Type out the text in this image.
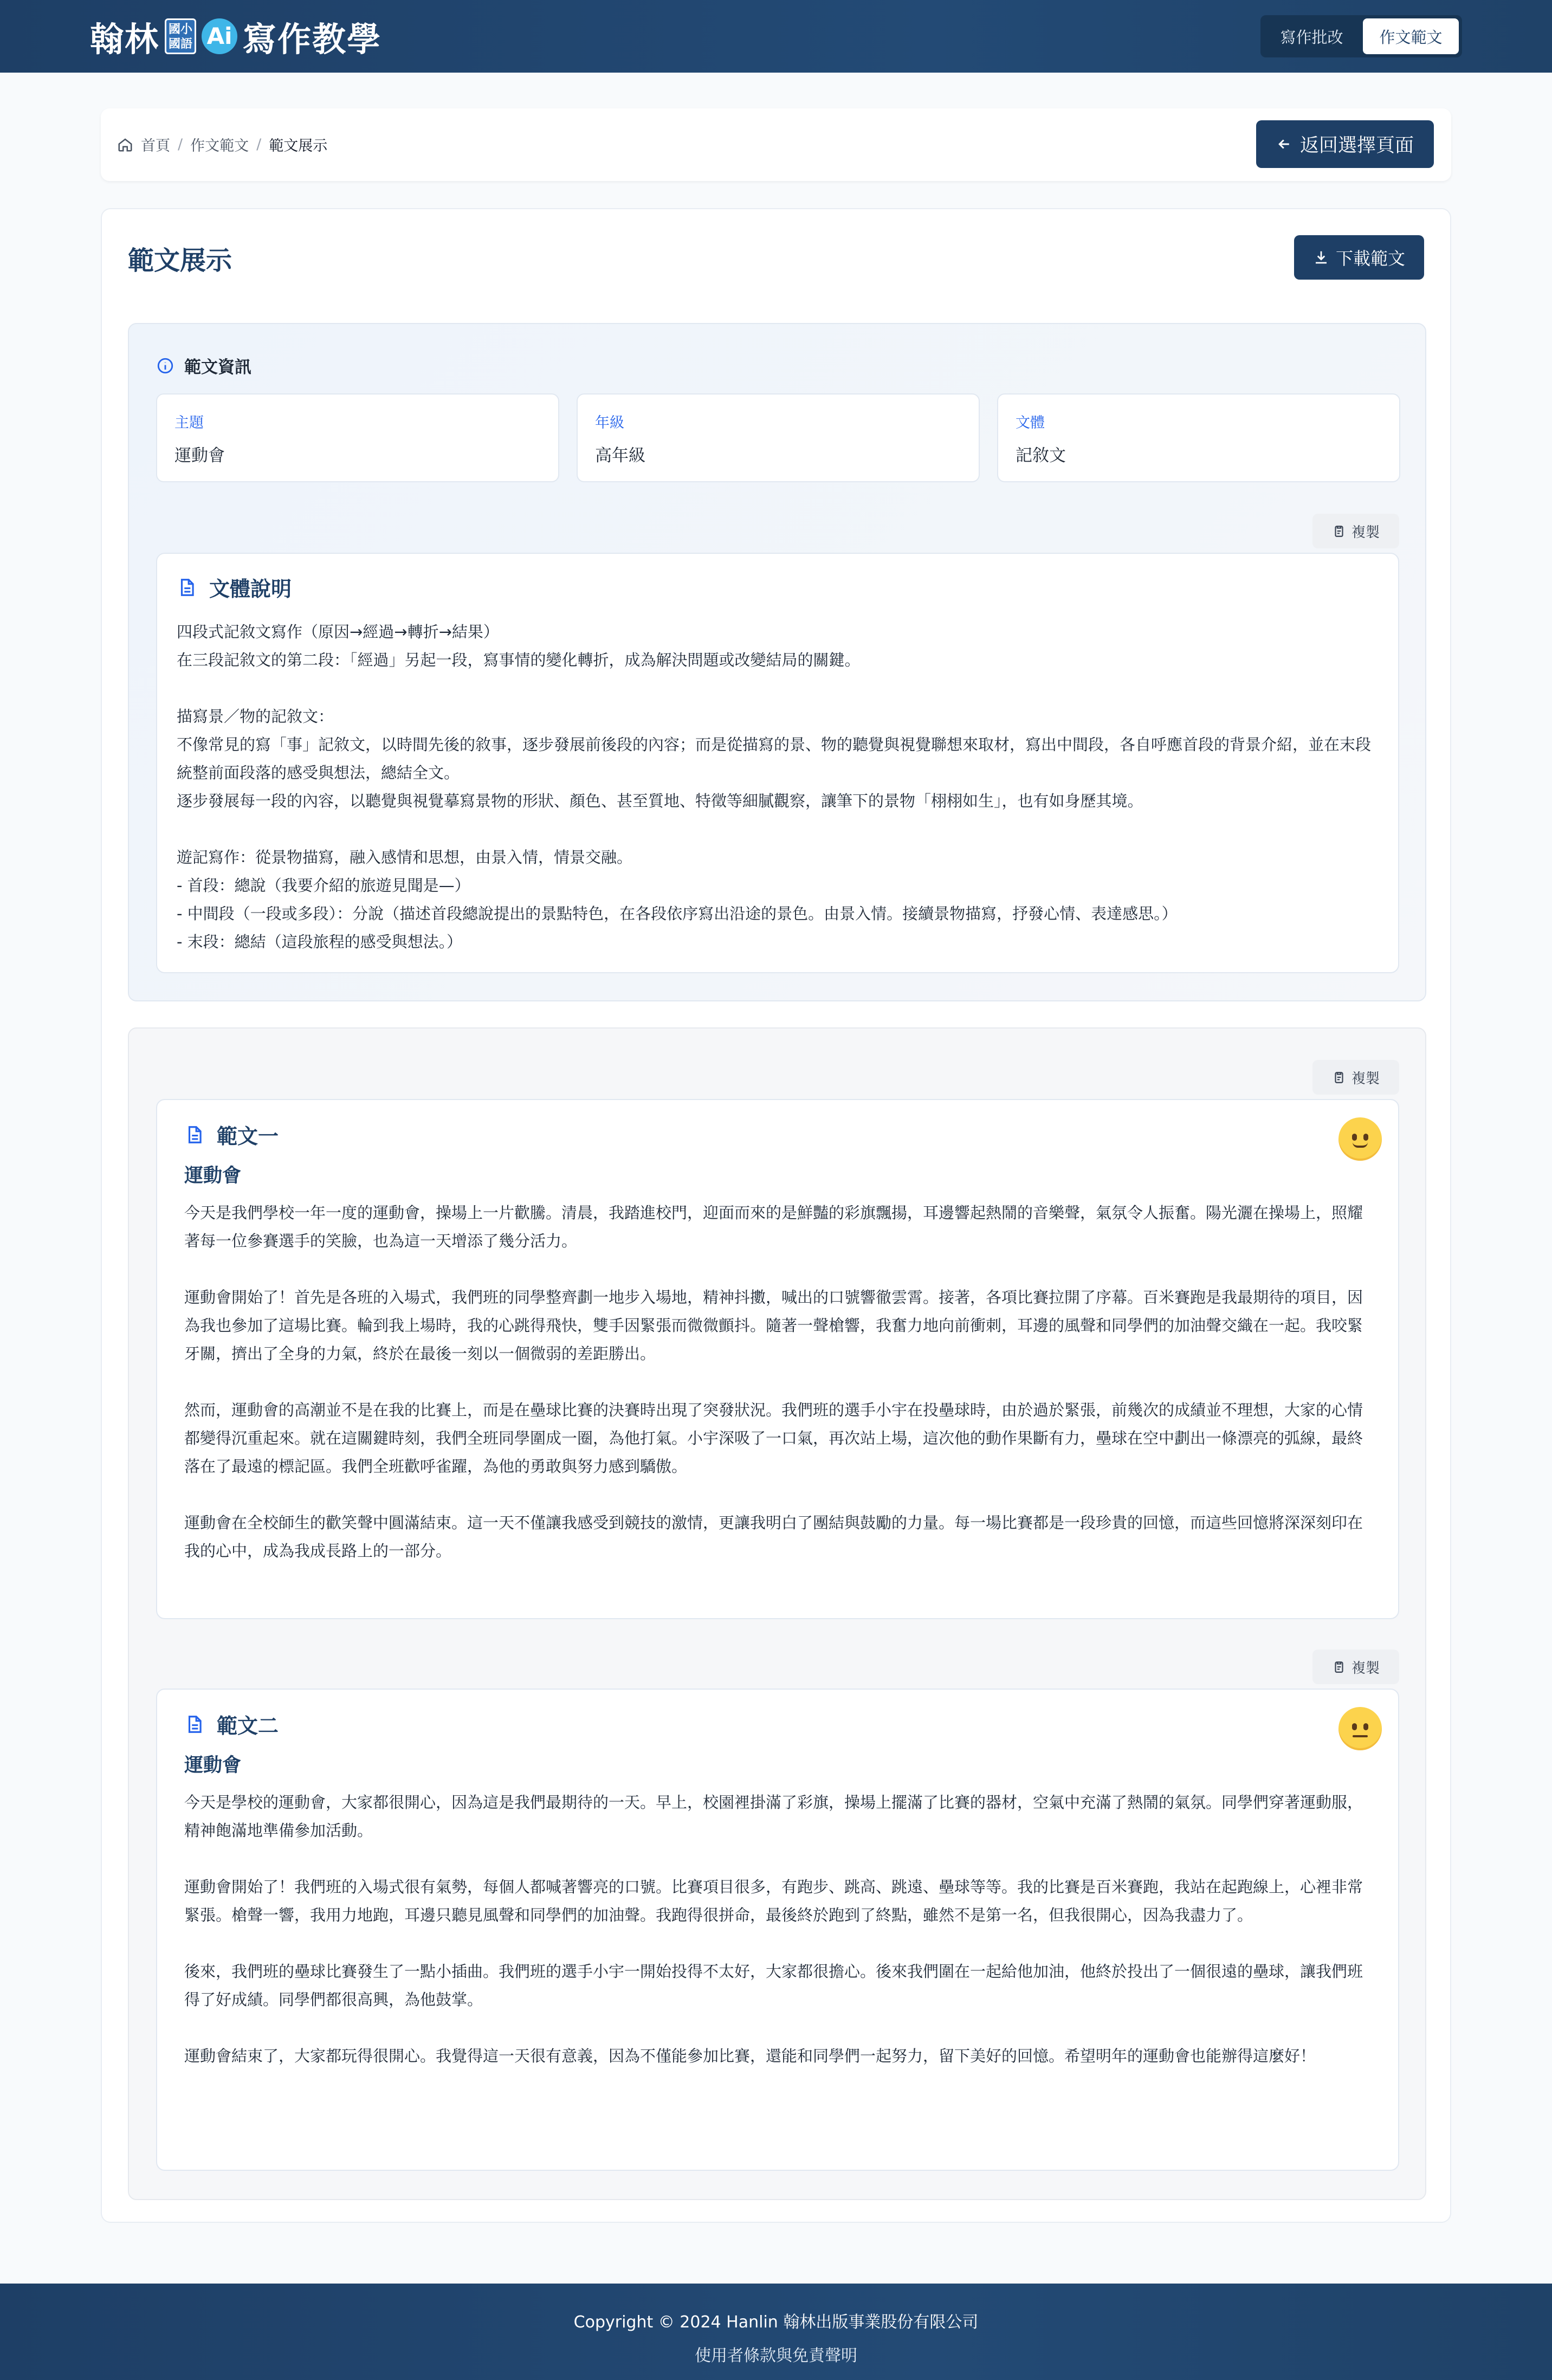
翰林 國小國語 Ai 寫作教學	寫作批改	作文範文
首頁 / 作文範文 / 範文展示	返回選擇頁面
範文展示	下載範文
範文資訊
主題
運動會
年級
高年級
文體
記敘文
複製
文體說明
四段式記敘文寫作（原因→經過→轉折→結果）
在三段記敘文的第二段：「經過」另起一段，寫事情的變化轉折，成為解決問題或改變結局的關鍵。

描寫景／物的記敘文：
不像常見的寫「事」記敘文，以時間先後的敘事，逐步發展前後段的內容；而是從描寫的景、物的聽覺與視覺聯想來取材，寫出中間段，各自呼應首段的背景介紹，並在末段統整前面段落的感受與想法，總結全文。
逐步發展每一段的內容，以聽覺與視覺摹寫景物的形狀、顏色、甚至質地、特徵等細膩觀察，讓筆下的景物「栩栩如生」，也有如身歷其境。

遊記寫作：從景物描寫，融入感情和思想，由景入情，情景交融。
- 首段：總說（我要介紹的旅遊見聞是—）
- 中間段（一段或多段）：分說（描述首段總說提出的景點特色，在各段依序寫出沿途的景色。由景入情。接續景物描寫，抒發心情、表達感思。）
- 末段：總結（這段旅程的感受與想法。）
複製
範文一
運動會
今天是我們學校一年一度的運動會，操場上一片歡騰。清晨，我踏進校門，迎面而來的是鮮豔的彩旗飄揚，耳邊響起熱鬧的音樂聲，氣氛令人振奮。陽光灑在操場上，照耀著每一位參賽選手的笑臉，也為這一天增添了幾分活力。

運動會開始了！首先是各班的入場式，我們班的同學整齊劃一地步入場地，精神抖擻，喊出的口號響徹雲霄。接著，各項比賽拉開了序幕。百米賽跑是我最期待的項目，因為我也參加了這場比賽。輪到我上場時，我的心跳得飛快，雙手因緊張而微微顫抖。隨著一聲槍響，我奮力地向前衝刺，耳邊的風聲和同學們的加油聲交織在一起。我咬緊牙關，擠出了全身的力氣，終於在最後一刻以一個微弱的差距勝出。

然而，運動會的高潮並不是在我的比賽上，而是在壘球比賽的決賽時出現了突發狀況。我們班的選手小宇在投壘球時，由於過於緊張，前幾次的成績並不理想，大家的心情都變得沉重起來。就在這關鍵時刻，我們全班同學圍成一圈，為他打氣。小宇深吸了一口氣，再次站上場，這次他的動作果斷有力，壘球在空中劃出一條漂亮的弧線，最終落在了最遠的標記區。我們全班歡呼雀躍，為他的勇敢與努力感到驕傲。

運動會在全校師生的歡笑聲中圓滿結束。這一天不僅讓我感受到競技的激情，更讓我明白了團結與鼓勵的力量。每一場比賽都是一段珍貴的回憶，而這些回憶將深深刻印在我的心中，成為我成長路上的一部分。
複製
範文二
運動會
今天是學校的運動會，大家都很開心，因為這是我們最期待的一天。早上，校園裡掛滿了彩旗，操場上擺滿了比賽的器材，空氣中充滿了熱鬧的氣氛。同學們穿著運動服，精神飽滿地準備參加活動。

運動會開始了！我們班的入場式很有氣勢，每個人都喊著響亮的口號。比賽項目很多，有跑步、跳高、跳遠、壘球等等。我的比賽是百米賽跑，我站在起跑線上，心裡非常緊張。槍聲一響，我用力地跑，耳邊只聽見風聲和同學們的加油聲。我跑得很拼命，最後終於跑到了終點，雖然不是第一名，但我很開心，因為我盡力了。

後來，我們班的壘球比賽發生了一點小插曲。我們班的選手小宇一開始投得不太好，大家都很擔心。後來我們圍在一起給他加油，他終於投出了一個很遠的壘球，讓我們班得了好成績。同學們都很高興，為他鼓掌。

運動會結束了，大家都玩得很開心。我覺得這一天很有意義，因為不僅能參加比賽，還能和同學們一起努力，留下美好的回憶。希望明年的運動會也能辦得這麼好！
Copyright © 2024 Hanlin 翰林出版事業股份有限公司
使用者條款與免責聲明
